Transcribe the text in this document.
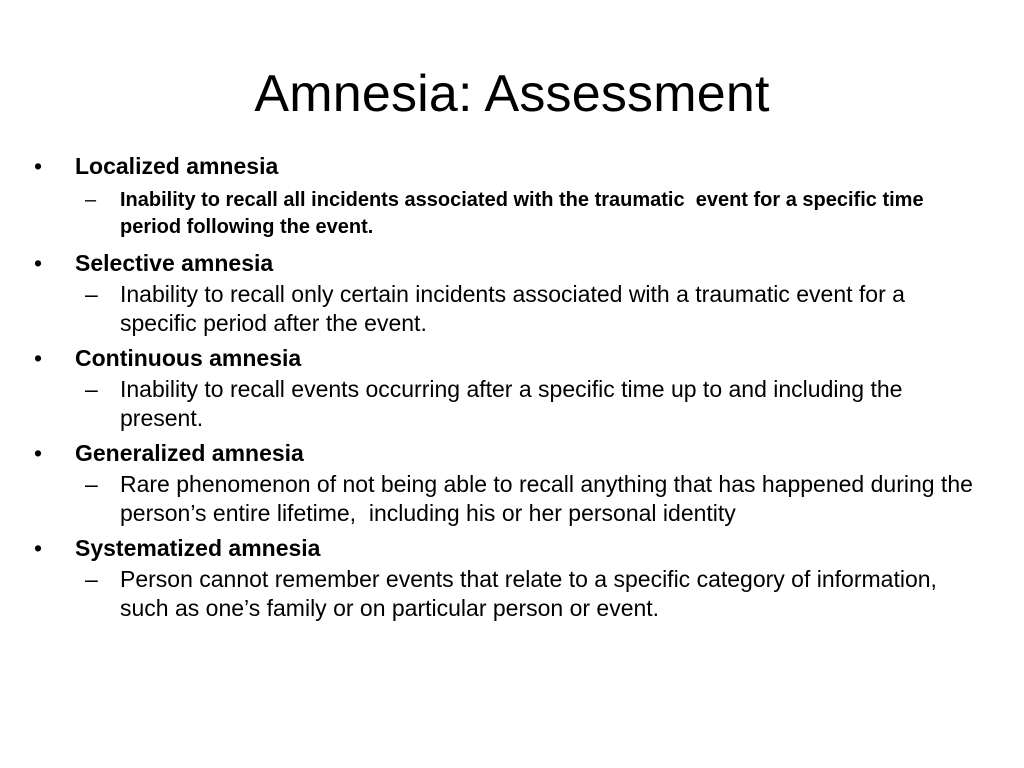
Amnesia: Assessment
• Localized amnesia
– Inability to recall all incidents associated with the traumatic  event for a specific time period following the event.
• Selective amnesia
– Inability to recall only certain incidents associated with a traumatic event for a specific period after the event.
• Continuous amnesia
– Inability to recall events occurring after a specific time up to and including the present.
• Generalized amnesia
– Rare phenomenon of not being able to recall anything that has happened during the person’s entire lifetime,  including his or her personal identity
• Systematized amnesia
– Person cannot remember events that relate to a specific category of information, such as one’s family or on particular person or event.
